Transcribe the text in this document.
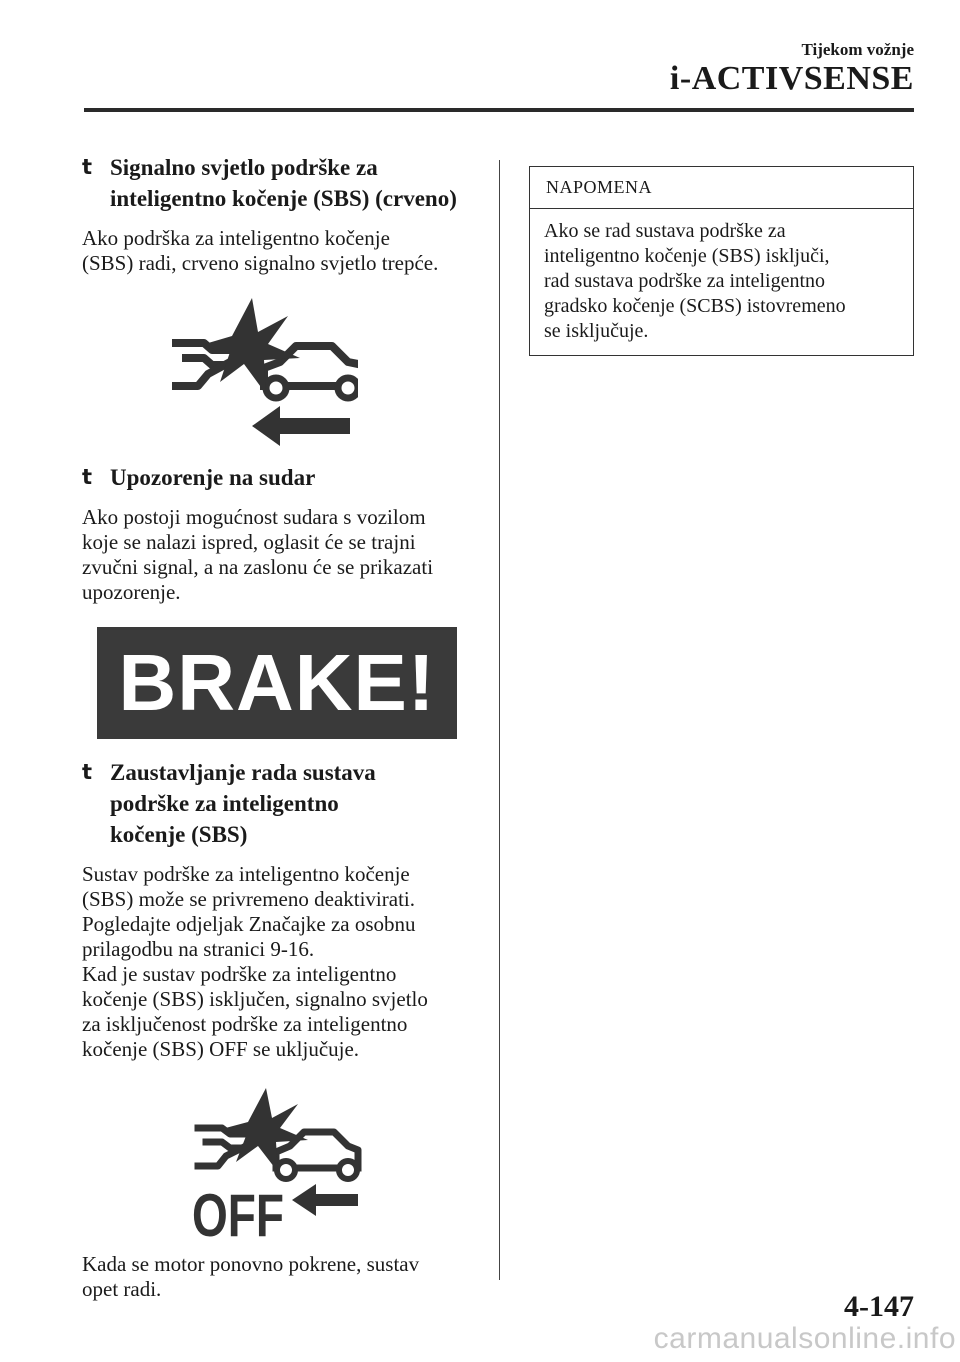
Tijekom vožnje
i-ACTIVSENSE
t Signalno svjetlo podrške za
inteligentno kočenje (SBS) (crveno)
Ako podrška za inteligentno kočenje
(SBS) radi, crveno signalno svjetlo trepće.
t Upozorenje na sudar
Ako postoji mogućnost sudara s vozilom
koje se nalazi ispred, oglasit će se trajni
zvučni signal, a na zaslonu će se prikazati
upozorenje.
BRAKE!
t Zaustavljanje rada sustava
podrške za inteligentno
kočenje (SBS)
Sustav podrške za inteligentno kočenje
(SBS) može se privremeno deaktivirati.
Pogledajte odjeljak Značajke za osobnu
prilagodbu na stranici 9-16.
Kad je sustav podrške za inteligentno
kočenje (SBS) isključen, signalno svjetlo
za isključenost podrške za inteligentno
kočenje (SBS) OFF se uključuje.
OFF
Kada se motor ponovno pokrene, sustav
opet radi.
NAPOMENA
Ako se rad sustava podrške za
inteligentno kočenje (SBS) isključi,
rad sustava podrške za inteligentno
gradsko kočenje (SCBS) istovremeno
se isključuje.
4-147
carmanualsonline.info
